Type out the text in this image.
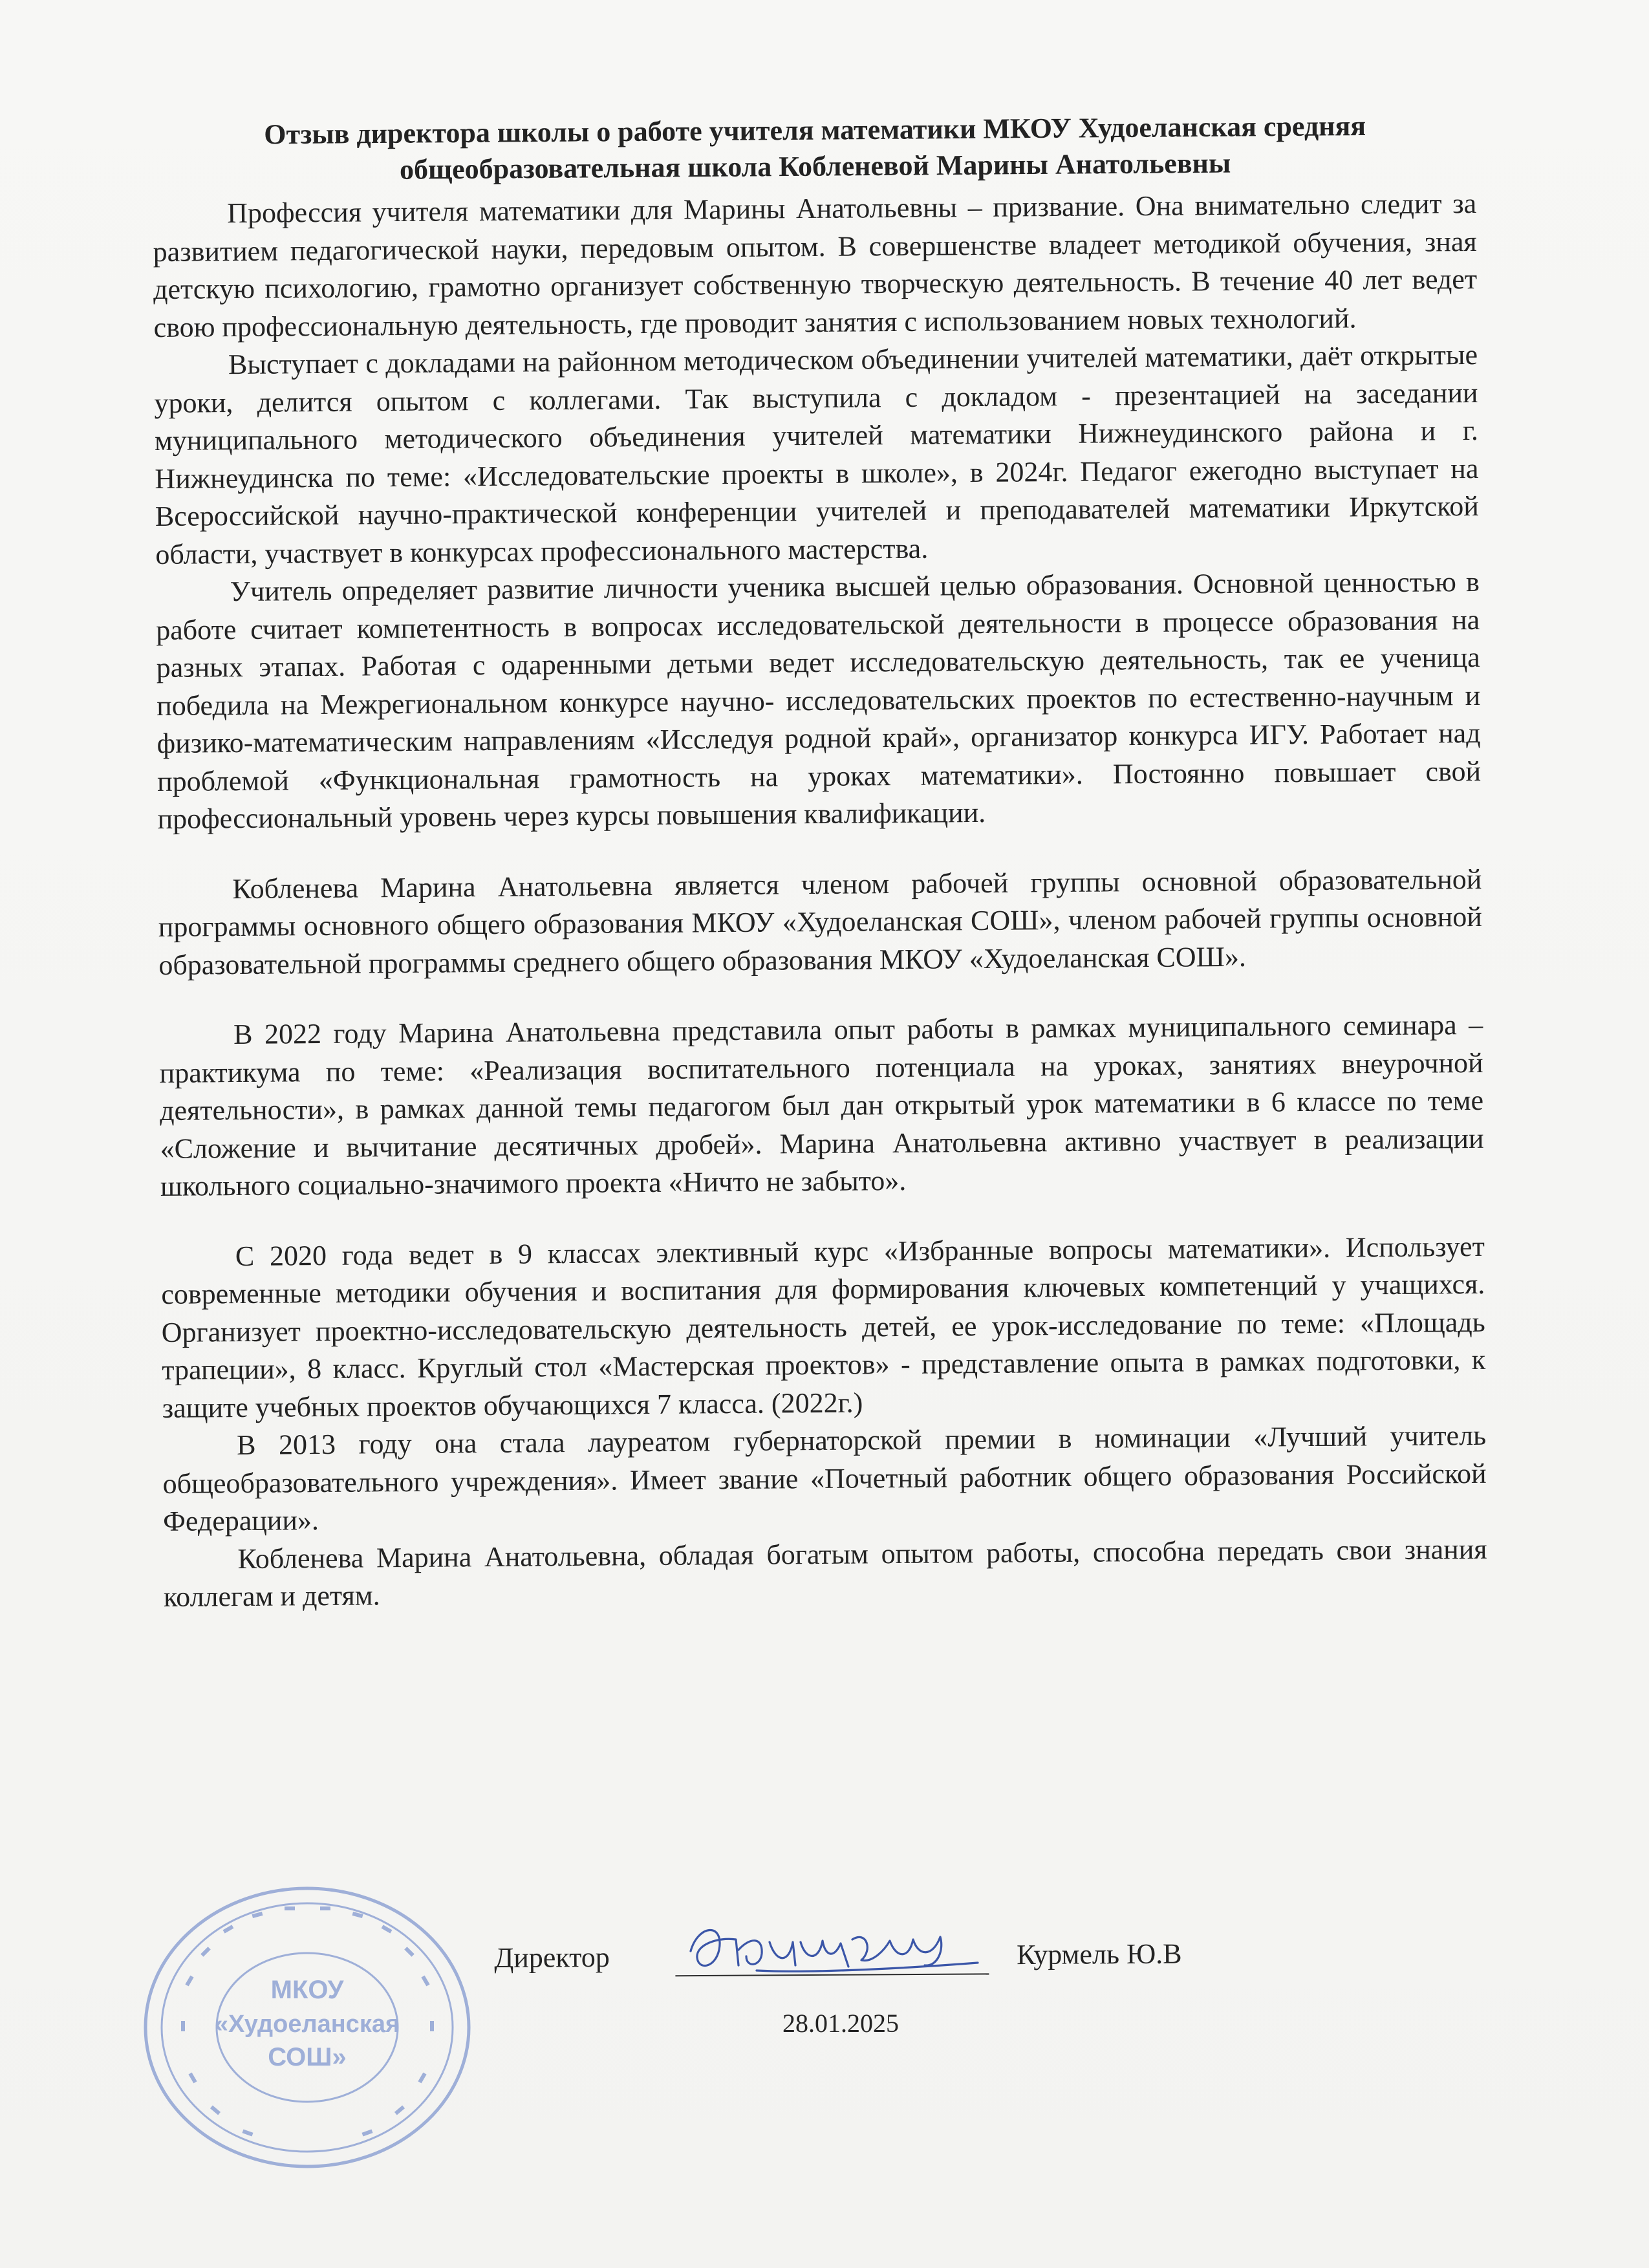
Отзыв директора школы о работе учителя математики МКОУ Худоеланская средняя
общеобразовательная школа Кобленевой Марины Анатольевны

Профессия учителя математики для Марины Анатольевны – призвание. Она внимательно следит за развитием педагогической науки, передовым опытом. В совершенстве владеет методикой обучения, зная детскую психологию, грамотно организует собственную творческую деятельность. В течение 40 лет ведет свою профессиональную деятельность, где проводит занятия с использованием новых технологий.

Выступает с докладами на районном методическом объединении учителей математики, даёт открытые уроки, делится опытом с коллегами. Так выступила с докладом - презентацией на заседании муниципального методического объединения учителей математики Нижнеудинского района и г. Нижнеудинска по теме: «Исследовательские проекты в школе», в 2024г. Педагог ежегодно выступает на Всероссийской научно-практической конференции учителей и преподавателей математики Иркутской области, участвует в конкурсах профессионального мастерства.

Учитель определяет развитие личности ученика высшей целью образования. Основной ценностью в работе считает компетентность в вопросах исследовательской деятельности в процессе образования на разных этапах. Работая с одаренными детьми ведет исследовательскую деятельность, так ее ученица победила на Межрегиональном конкурсе научно- исследовательских проектов по естественно-научным и физико-математическим направлениям «Исследуя родной край», организатор конкурса ИГУ. Работает над проблемой «Функциональная грамотность на уроках математики». Постоянно повышает свой профессиональный уровень через курсы повышения квалификации.

Кобленева Марина Анатольевна является членом рабочей группы основной образовательной программы основного общего образования МКОУ «Худоеланская СОШ», членом рабочей группы основной образовательной программы среднего общего образования МКОУ «Худоеланская СОШ».

В 2022 году Марина Анатольевна представила опыт работы в рамках муниципального семинара – практикума по теме: «Реализация воспитательного потенциала на уроках, занятиях внеурочной деятельности», в рамках данной темы педагогом был дан открытый урок математики в 6 классе по теме «Сложение и вычитание десятичных дробей». Марина Анатольевна активно участвует в реализации школьного социально-значимого проекта «Ничто не забыто».

С 2020 года ведет в 9 классах элективный курс «Избранные вопросы математики». Использует современные методики обучения и воспитания для формирования ключевых компетенций у учащихся. Организует проектно-исследовательскую деятельность детей, ее урок-исследование по теме: «Площадь трапеции», 8 класс. Круглый стол «Мастерская проектов» - представление опыта в рамках подготовки, к защите учебных проектов обучающихся 7 класса. (2022г.)

В 2013 году она стала лауреатом губернаторской премии в номинации «Лучший учитель общеобразовательного учреждения». Имеет звание «Почетный работник общего образования Российской Федерации».

Кобленева Марина Анатольевна, обладая богатым опытом работы, способна передать свои знания коллегам и детям.

МКОУ
«Худоеланская
СОШ»
Директор	Курмель Ю.В
28.01.2025
